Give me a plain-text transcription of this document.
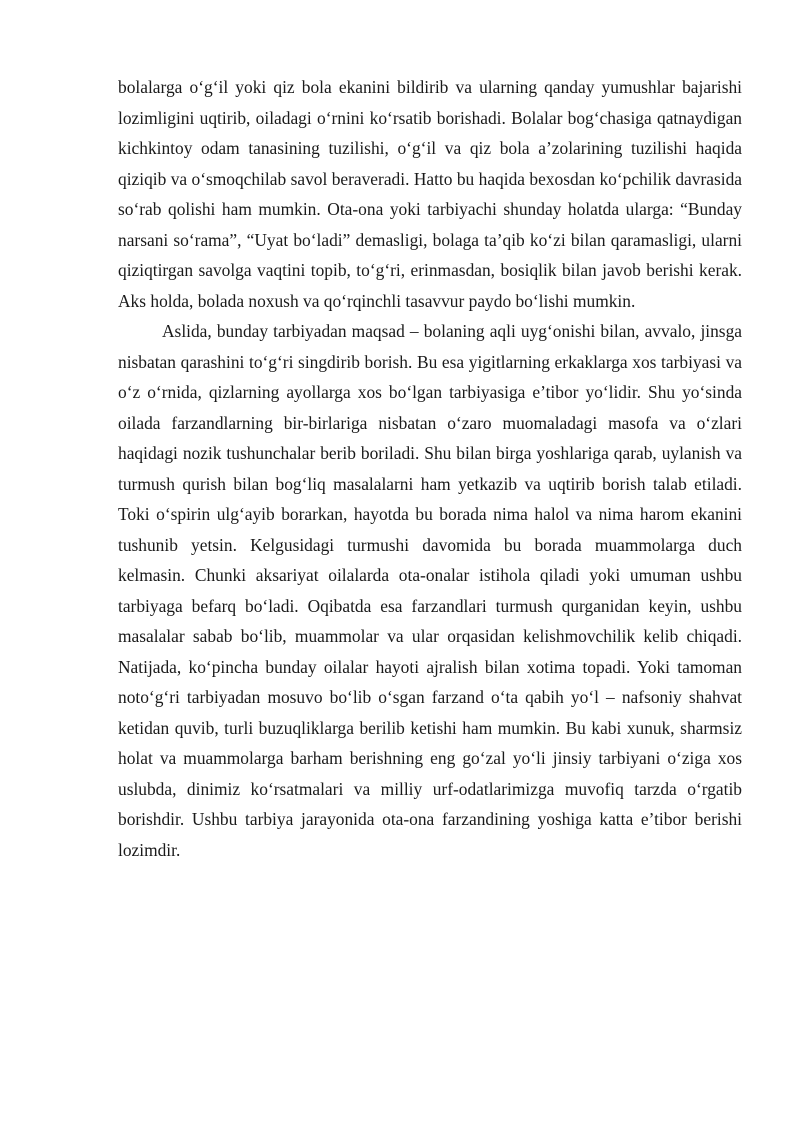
bolalarga o‘g‘il yoki qiz bola ekanini bildirib va ularning qanday yumushlar bajarishi lozimligini uqtirib, oiladagi o‘rnini ko‘rsatib borishadi. Bolalar bog‘chasiga qatnaydigan kichkintoy odam tanasining tuzilishi, o‘g‘il va qiz bola a’zolarining tuzilishi haqida qiziqib va o‘smoqchilab savol beraveradi. Hatto bu haqida bexosdan ko‘pchilik davrasida so‘rab qolishi ham mumkin. Ota-ona yoki tarbiyachi shunday holatda ularga: “Bunday narsani so‘rama”, “Uyat bo‘ladi” demasligi, bolaga ta’qib ko‘zi bilan qaramasligi, ularni qiziqtirgan savolga vaqtini topib, to‘g‘ri, erinmasdan, bosiqlik bilan javob berishi kerak. Aks holda, bolada noxush va qo‘rqinchli tasavvur paydo bo‘lishi mumkin.

Aslida, bunday tarbiyadan maqsad – bolaning aqli uyg‘onishi bilan, avvalo, jinsga nisbatan qarashini to‘g‘ri singdirib borish. Bu esa yigitlarning erkaklarga xos tarbiyasi va o‘z o‘rnida, qizlarning ayollarga xos bo‘lgan tarbiyasiga e’tibor yo‘lidir. Shu yo‘sinda oilada farzandlarning bir-birlariga nisbatan o‘zaro muomaladagi masofa va o‘zlari haqidagi nozik tushunchalar berib boriladi. Shu bilan birga yoshlariga qarab, uylanish va turmush qurish bilan bog‘liq masalalarni ham yetkazib va uqtirib borish talab etiladi. Toki o‘spirin ulg‘ayib borarkan, hayotda bu borada nima halol va nima harom ekanini tushunib yetsin. Kelgusidagi turmushi davomida bu borada muammolarga duch kelmasin. Chunki aksariyat oilalarda ota-onalar istihola qiladi yoki umuman ushbu tarbiyaga befarq bo‘ladi. Oqibatda esa farzandlari turmush qurganidan keyin, ushbu masalalar sabab bo‘lib, muammolar va ular orqasidan kelishmovchilik kelib chiqadi. Natijada, ko‘pincha bunday oilalar hayoti ajralish bilan xotima topadi. Yoki tamoman noto‘g‘ri tarbiyadan mosuvo bo‘lib o‘sgan farzand o‘ta qabih yo‘l – nafsoniy shahvat ketidan quvib, turli buzuqliklarga berilib ketishi ham mumkin. Bu kabi xunuk, sharmsiz holat va muammolarga barham berishning eng go‘zal yo‘li jinsiy tarbiyani o‘ziga xos uslubda, dinimiz ko‘rsatmalari va milliy urf-odatlarimizga muvofiq tarzda o‘rgatib borishdir. Ushbu tarbiya jarayonida ota-ona farzandining yoshiga katta e’tibor berishi lozimdir.
